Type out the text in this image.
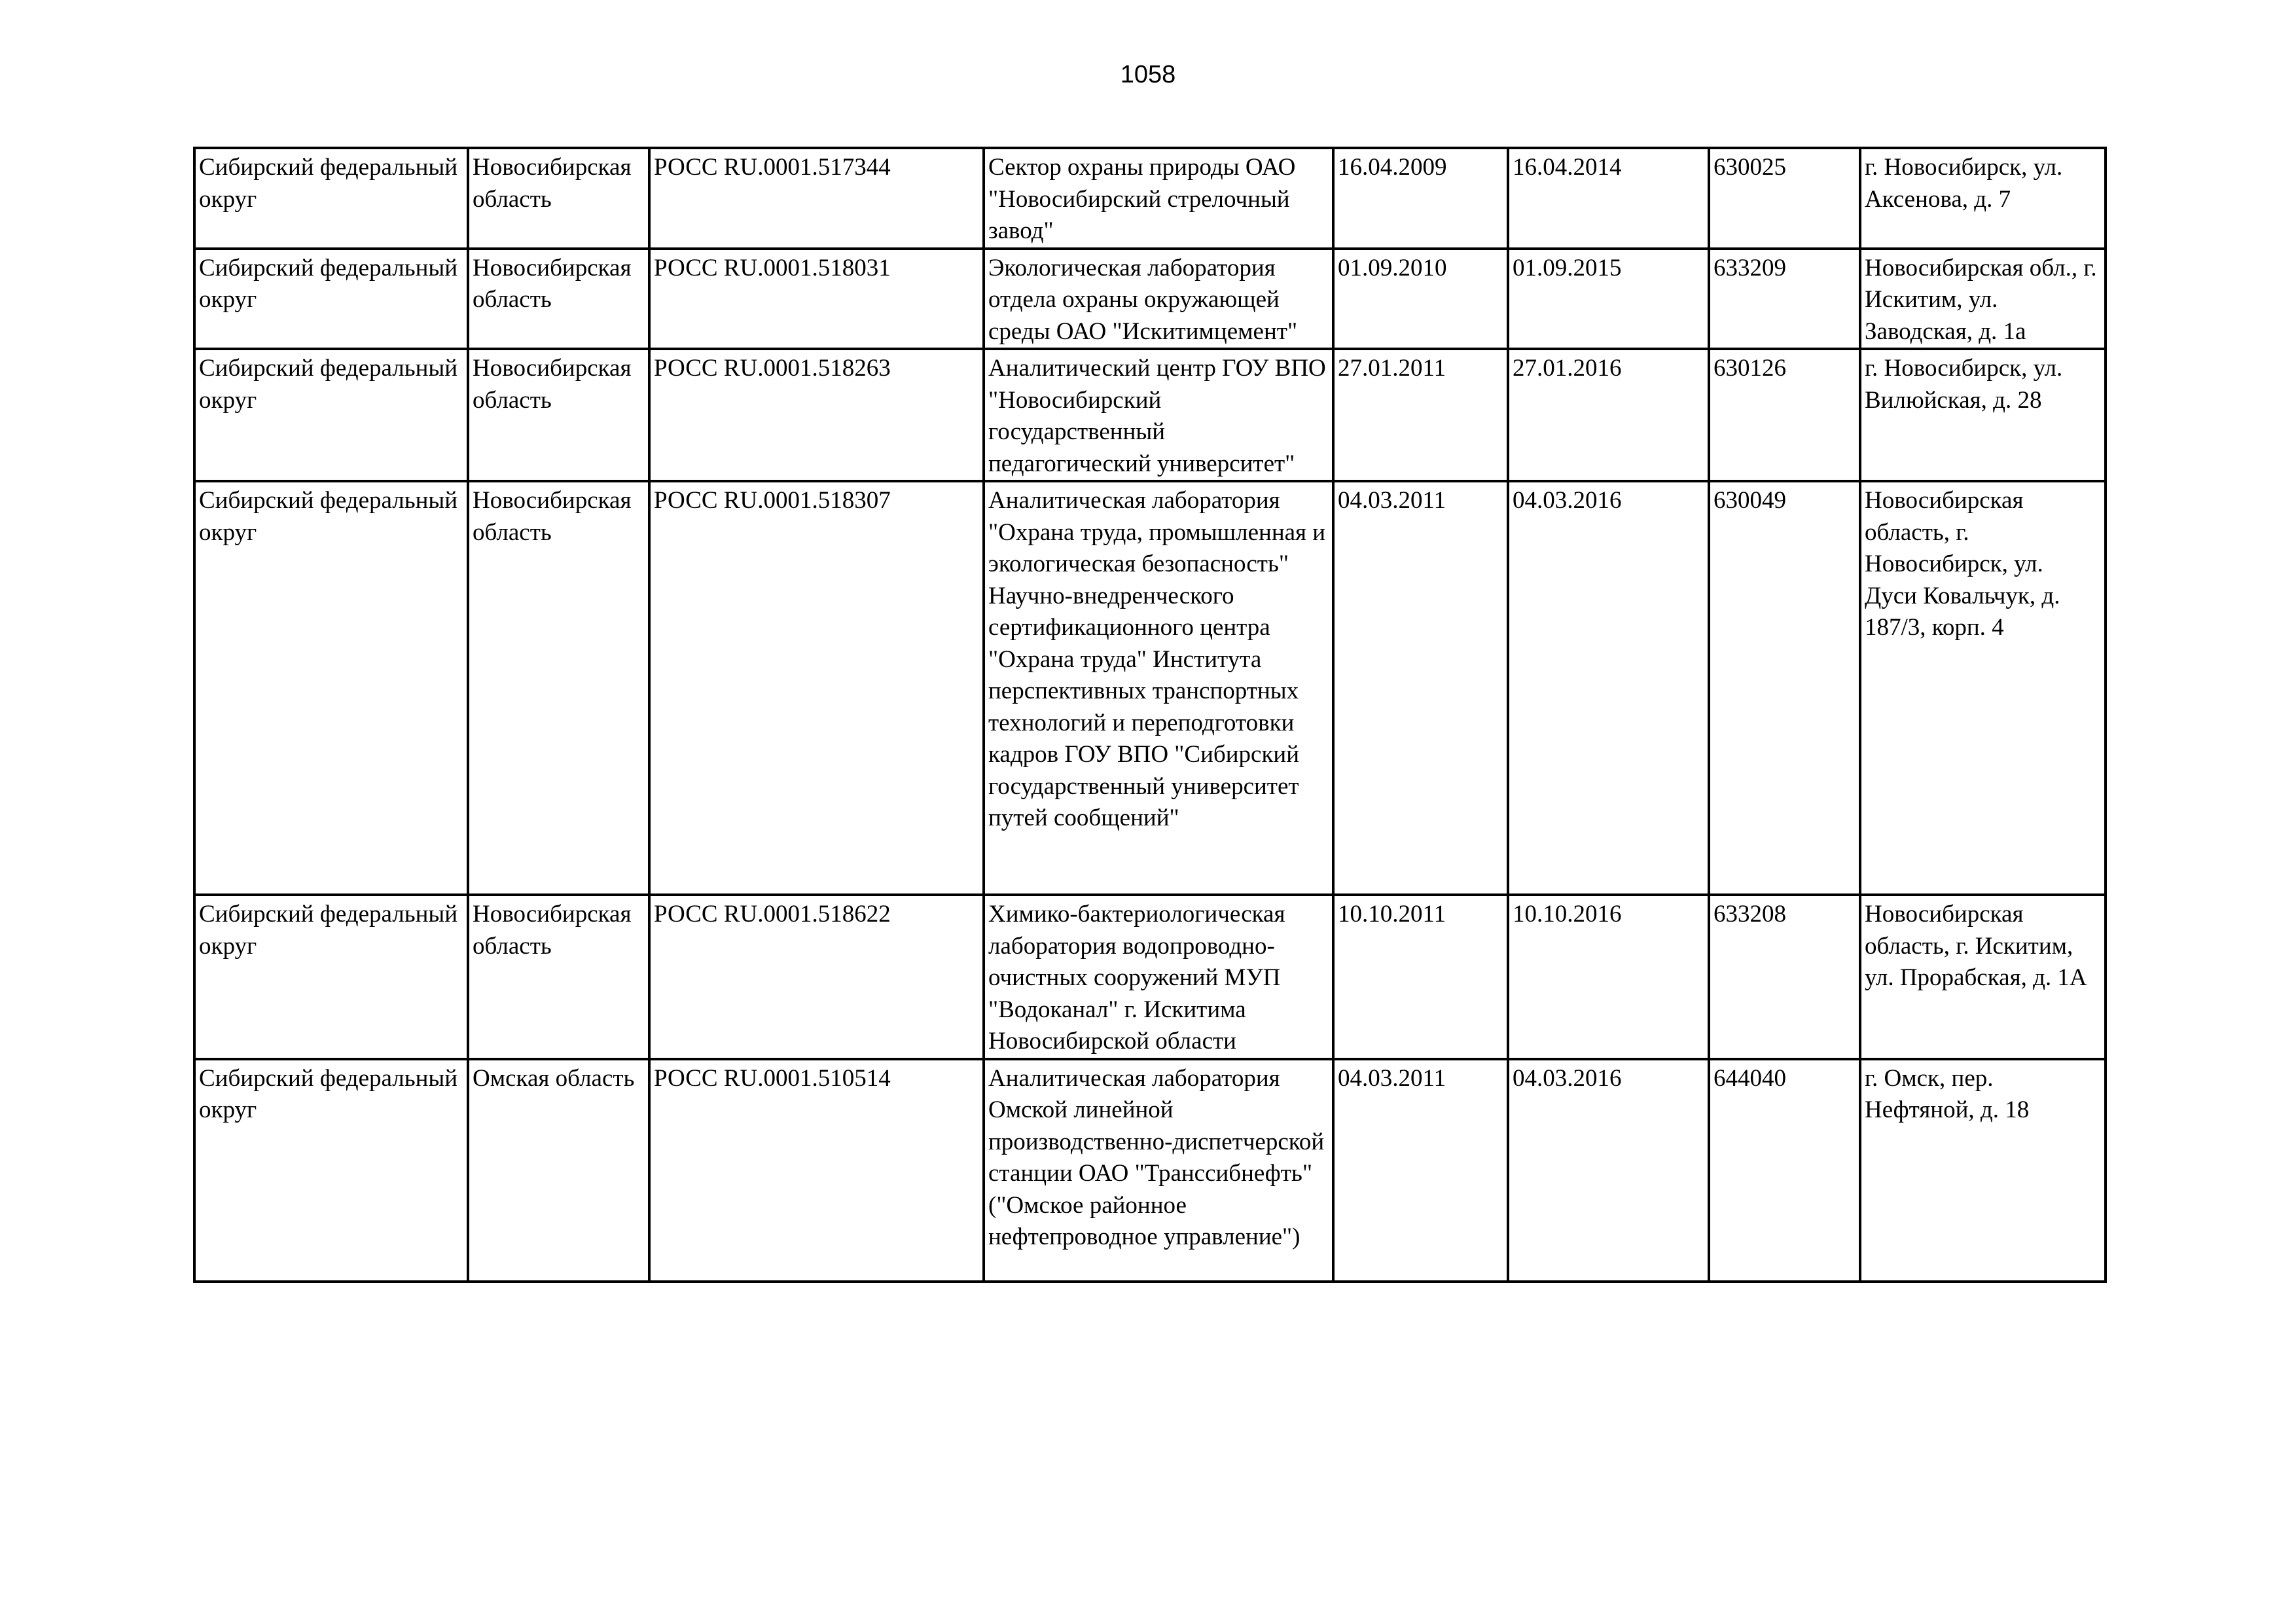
1058
Сибирский федеральный округ	Новосибирская область	РОСС RU.0001.517344	Сектор охраны природы ОАО "Новосибирский стрелочный завод"	16.04.2009	16.04.2014	630025	г. Новосибирск, ул. Аксенова, д. 7
Сибирский федеральный округ	Новосибирская область	РОСС RU.0001.518031	Экологическая лаборатория отдела охраны окружающей среды ОАО "Искитимцемент"	01.09.2010	01.09.2015	633209	Новосибирская обл., г. Искитим, ул. Заводская, д. 1а
Сибирский федеральный округ	Новосибирская область	РОСС RU.0001.518263	Аналитический центр ГОУ ВПО "Новосибирский государственный педагогический университет"	27.01.2011	27.01.2016	630126	г. Новосибирск, ул. Вилюйская, д. 28
Сибирский федеральный округ	Новосибирская область	РОСС RU.0001.518307	Аналитическая лаборатория "Охрана труда, промышленная и экологическая безопасность" Научно-внедренческого сертификационного центра "Охрана труда" Института перспективных транспортных технологий и переподготовки кадров ГОУ ВПО "Сибирский государственный университет путей сообщений"	04.03.2011	04.03.2016	630049	Новосибирская область, г. Новосибирск, ул. Дуси Ковальчук, д. 187/3, корп. 4
Сибирский федеральный округ	Новосибирская область	РОСС RU.0001.518622	Химико-бактериологическая лаборатория водопроводно-очистных сооружений МУП "Водоканал" г. Искитима Новосибирской области	10.10.2011	10.10.2016	633208	Новосибирская область, г. Искитим, ул. Прорабская, д. 1А
Сибирский федеральный округ	Омская область	РОСС RU.0001.510514	Аналитическая лаборатория Омской линейной производственно-диспетчерской станции ОАО "Транссибнефть" ("Омское районное нефтепроводное управление")	04.03.2011	04.03.2016	644040	г. Омск, пер. Нефтяной, д. 18
